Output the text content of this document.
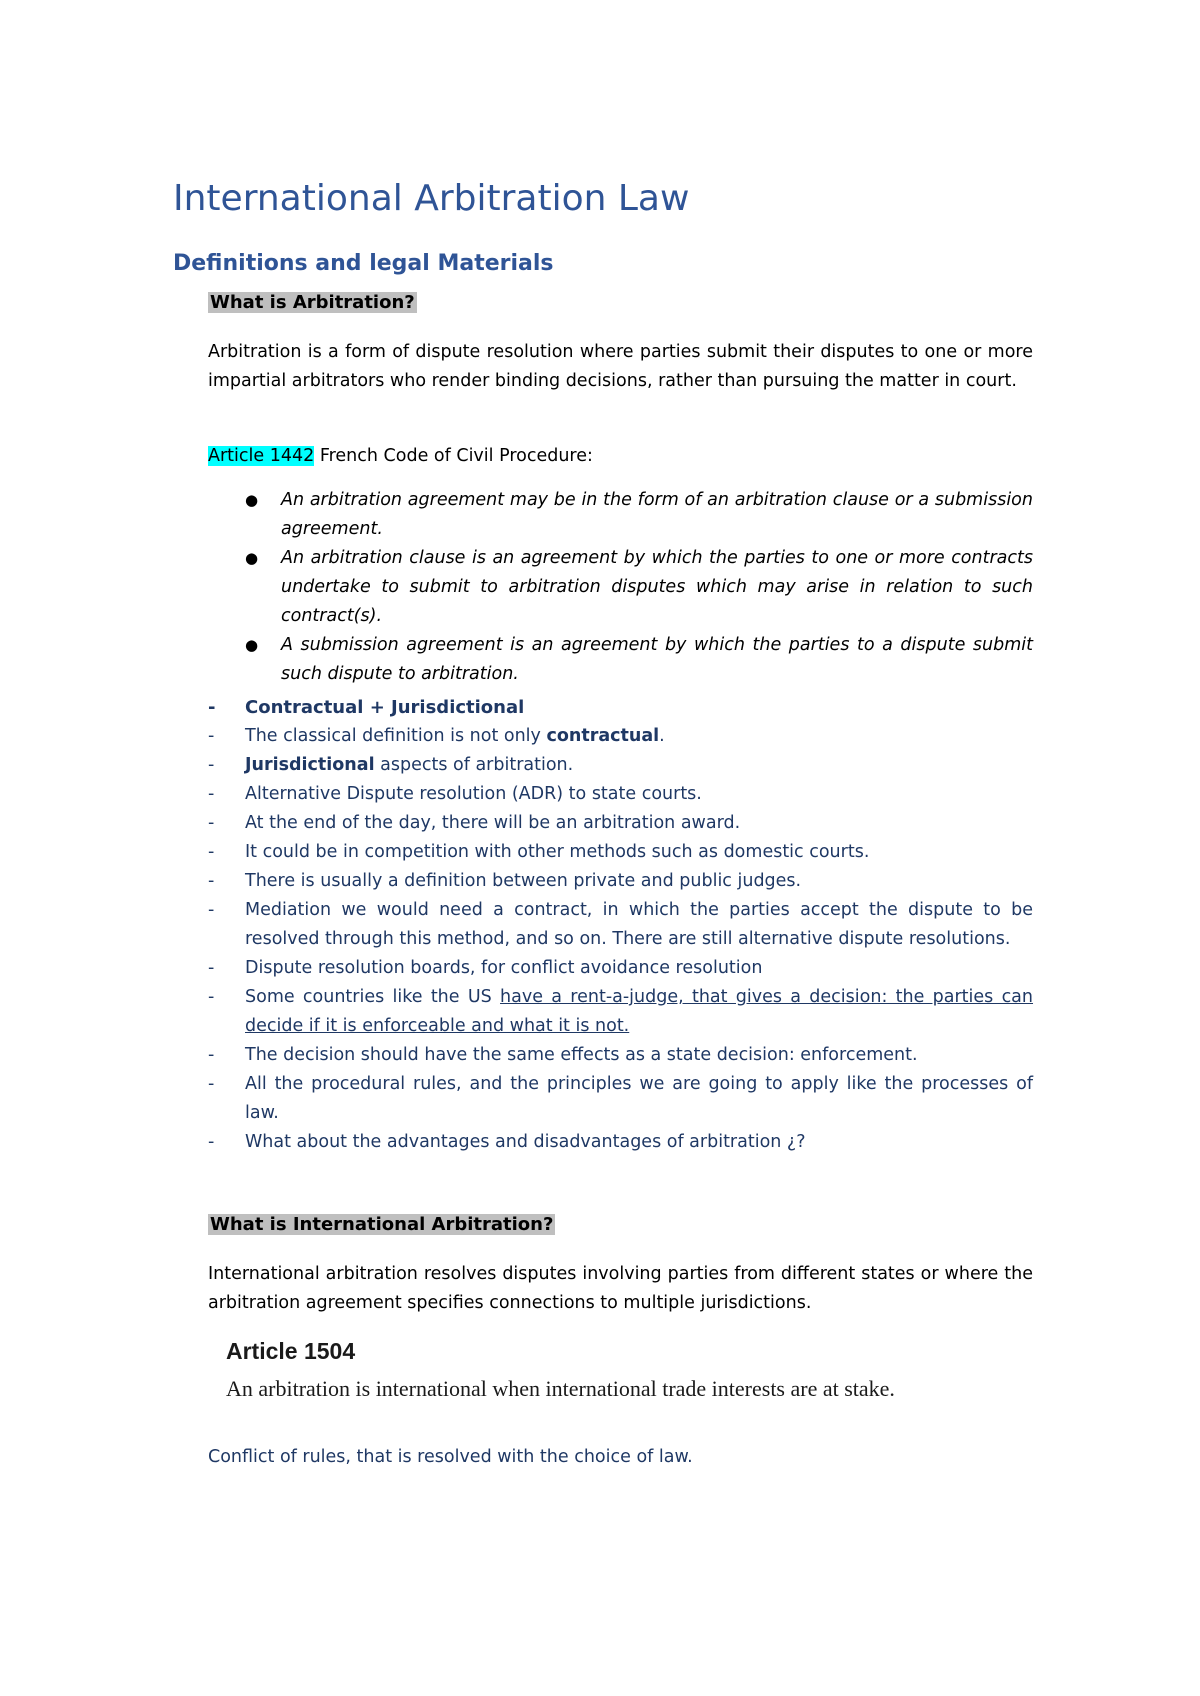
International Arbitration Law
Definitions and legal Materials
What is Arbitration?

Arbitration is a form of dispute resolution where parties submit their disputes to one or more impartial arbitrators who render binding decisions, rather than pursuing the matter in court.

Article 1442 French Code of Civil Procedure:
● An arbitration agreement may be in the form of an arbitration clause or a submission agreement.
● An arbitration clause is an agreement by which the parties to one or more contracts undertake to submit to arbitration disputes which may arise in relation to such contract(s).
● A submission agreement is an agreement by which the parties to a dispute submit such dispute to arbitration.
- Contractual + Jurisdictional
- The classical definition is not only contractual.
- Jurisdictional aspects of arbitration.
- Alternative Dispute resolution (ADR) to state courts.
- At the end of the day, there will be an arbitration award.
- It could be in competition with other methods such as domestic courts.
- There is usually a definition between private and public judges.
- Mediation we would need a contract, in which the parties accept the dispute to be resolved through this method, and so on. There are still alternative dispute resolutions.
- Dispute resolution boards, for conflict avoidance resolution
- Some countries like the US have a rent-a-judge, that gives a decision: the parties can decide if it is enforceable and what it is not.
- The decision should have the same effects as a state decision: enforcement.
- All the procedural rules, and the principles we are going to apply like the processes of law.
- What about the advantages and disadvantages of arbitration ¿?
What is International Arbitration?

International arbitration resolves disputes involving parties from different states or where the arbitration agreement specifies connections to multiple jurisdictions.

Article 1504
An arbitration is international when international trade interests are at stake.
Conflict of rules, that is resolved with the choice of law.
